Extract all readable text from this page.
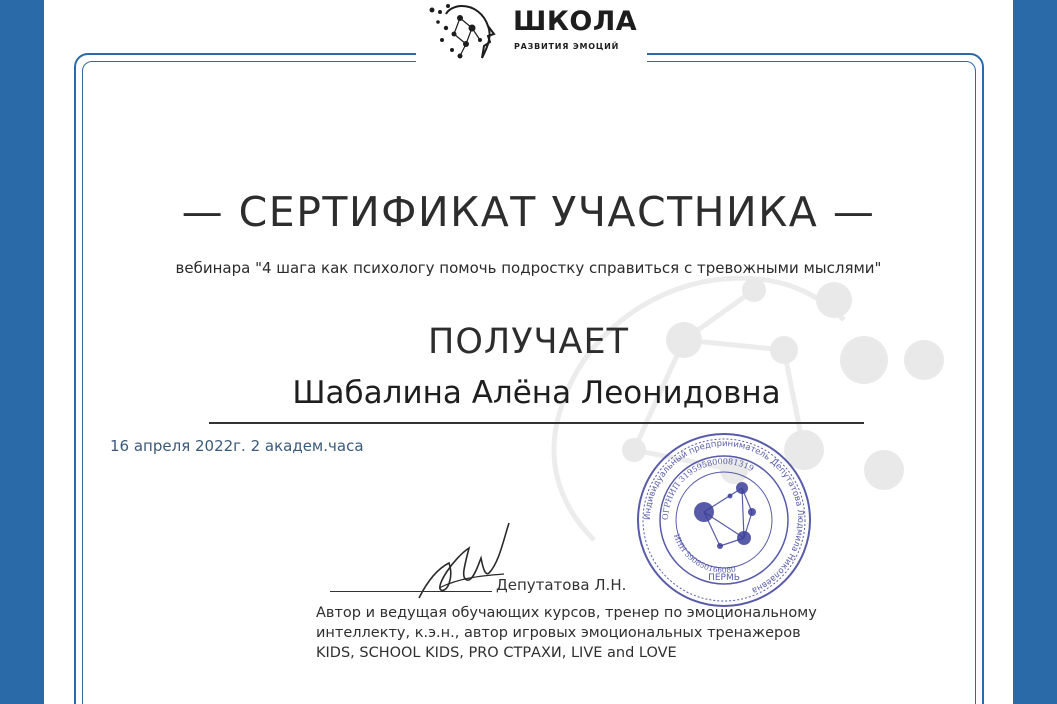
ШКОЛА
РАЗВИТИЯ ЭМОЦИЙ
— СЕРТИФИКАТ УЧАСТНИКА —
вебинара "4 шага как психологу помочь подростку справиться с тревожными мыслями"
ПОЛУЧАЕТ
Шабалина Алёна Леонидовна
16 апреля 2022г. 2 академ.часа
Депутатова Л.Н.
Автор и ведущая обучающих курсов, тренер по эмоциональному
интеллекту, к.э.н., автор игровых эмоциональных тренажеров
KIDS, SCHOOL KIDS, PRO СТРАХИ, LIVE and LOVE
Индивидуальный предприниматель Депутатова Людмила Николаевна
ОГРНИП 319595800081319
ИНН 590850166080
ПЕРМЬ
